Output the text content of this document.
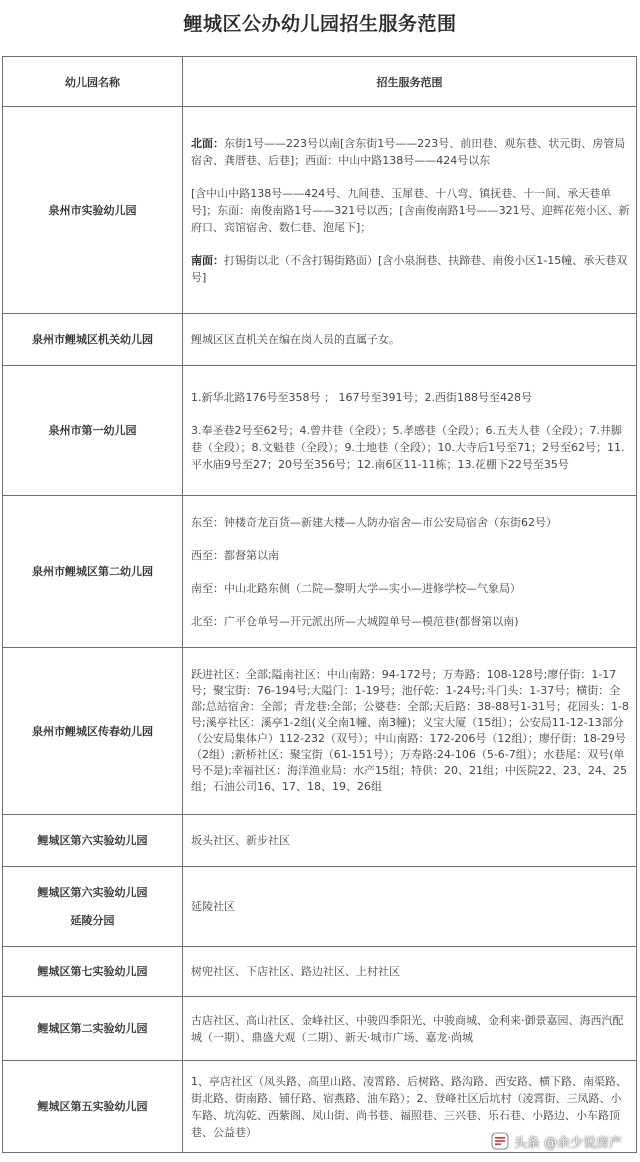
鲤城区公办幼儿园招生服务范围
幼儿园名称	招生服务范围
泉州市实验幼儿园	北面：东街1号——223号以南[含东街1号——223号、前田巷、观东巷、状元街、房管局宿舍、龚厝巷、后巷]；西面：中山中路138号——424号以东

[含中山中路138号——424号、九间巷、玉犀巷、十八弯、镇抚巷、十一间、承天巷单号]；东面：南俊南路1号——321号以西；[含南俊南路1号——321号、迎辉花苑小区、新府口、宾馆宿舍、数仁巷、泡尾下]；

南面：打锡街以北（不含打锡街路面）[含小泉涧巷、扶蹄巷、南俊小区1-15幢、承天巷双号]

泉州市鲤城区机关幼儿园	鲤城区区直机关在编在岗人员的直属子女。

泉州市第一幼儿园	1.新华北路176号至358号 ； 167号至391号；2.西街188号至428号

3.奉圣巷2号至62号；4.曾井巷（全段）；5.孝感巷（全段）；6.五夫人巷（全段）；7.井脚巷（全段）；8.文魁巷（全段）；9.土地巷（全段）；10.大寺后1号至71；2号至62号；11.平水庙9号至27；20号至356号；12.南6区11-11栋；13.花棚下22号至35号

泉州市鲤城区第二幼儿园	东至：钟楼奇龙百货—新建大楼—人防办宿舍—市公安局宿舍（东街62号）

西至：都督第以南

南至：中山北路东侧（二院—黎明大学—实小—进修学校—气象局）

北至：广平仓单号—开元派出所—大城隍单号—模范巷(都督第以南)

泉州市鲤城区传春幼儿园	跃进社区：全部;隘南社区：中山南路：94-172号；万寿路：108-128号;廖仔街：1-17号；聚宝街：76-194号;大隘门：1-19号；池仔乾：1-24号;斗门头：1-37号；横街：全部;总站宿舍：全部；青龙巷:全部；公婆巷：全部;天后路：38-88号1-31号；花园头：1-8号;溪亭社区：溪亭1-2组(义全南1幢、南3幢)；义宝大厦（15组）；公安局11-12-13部分（公安局集体户）112-232（双号）；中山南路：172-206号（12组）；廖仔街：18-29号（2组）;新桥社区：聚宝街（61-151号）；万寿路:24-106（5-6-7组）；水巷尾：双号(单号不是);幸福社区：海洋渔业局：水产15组；特供：20、21组；中医院22、23、24、25组；石油公司16、17、18、19、26组

鲤城区第六实验幼儿园	坂头社区、新步社区

鲤城区第六实验幼儿园
延陵分园	延陵社区

鲤城区第七实验幼儿园	树兜社区、下店社区、路边社区、上村社区

鲤城区第二实验幼儿园	古店社区、高山社区、金峰社区、中骏四季阳光、中骏商城、金利来·御景嘉园、海西汽配城（一期）、鼎盛大观（二期）、新天·城市广场、嘉龙·尚城

鲤城区第五实验幼儿园	1、亭店社区（凤头路、高里山路、凌霄路、后树路、路沟路、西安路、横下路、南渠路、街北路、街南路、铺仔路、宿燕路、油车路）；2、登峰社区后坑村（凌霄街、三凤路、小车路、坑沟乾、西紫阁、凤山街、尚书巷、福照巷、三兴巷、乐石巷、小路边、小车路顶巷、公益巷）

头条 @余少说房产
